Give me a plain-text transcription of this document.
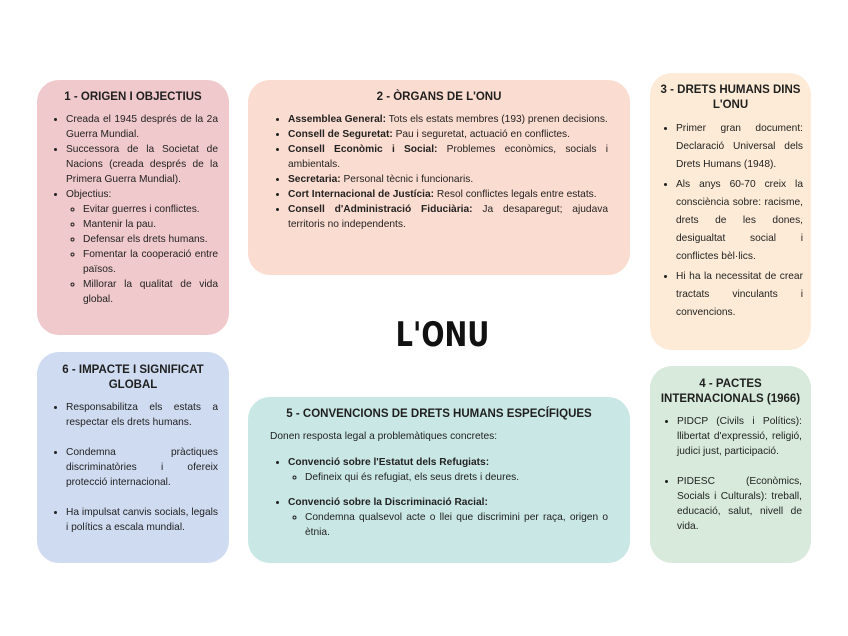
1 - ORIGEN I OBJECTIUS
• Creada el 1945 després de la 2a Guerra Mundial.
• Successora de la Societat de Nacions (creada després de la Primera Guerra Mundial).
• Objectius:
◦ Evitar guerres i conflictes.
◦ Mantenir la pau.
◦ Defensar els drets humans.
◦ Fomentar la cooperació entre països.
◦ Millorar la qualitat de vida global.
2 - ÒRGANS DE L'ONU
• Assemblea General: Tots els estats membres (193) prenen decisions.
• Consell de Seguretat: Pau i seguretat, actuació en conflictes.
• Consell Econòmic i Social: Problemes econòmics, socials i ambientals.
• Secretaria: Personal tècnic i funcionaris.
• Cort Internacional de Justícia: Resol conflictes legals entre estats.
• Consell d'Administració Fiduciària: Ja desaparegut; ajudava territoris no independents.
3 - DRETS HUMANS DINS L'ONU
• Primer gran document: Declaració Universal dels Drets Humans (1948).
• Als anys 60-70 creix la consciència sobre: racisme, drets de les dones, desigualtat social i conflictes bèl·lics.
• Hi ha la necessitat de crear tractats vinculants i convencions.
L'ONU
6 - IMPACTE I SIGNIFICAT GLOBAL
• Responsabilitza els estats a respectar els drets humans.
• Condemna pràctiques discriminatòries i ofereix protecció internacional.
• Ha impulsat canvis socials, legals i polítics a escala mundial.
5 - CONVENCIONS DE DRETS HUMANS ESPECÍFIQUES
Donen resposta legal a problemàtiques concretes:
• Convenció sobre l'Estatut dels Refugiats:
◦ Defineix qui és refugiat, els seus drets i deures.
• Convenció sobre la Discriminació Racial:
◦ Condemna qualsevol acte o llei que discrimini per raça, origen o ètnia.
4 - PACTES INTERNACIONALS (1966)
• PIDCP (Civils i Polítics): llibertat d'expressió, religió, judici just, participació.
• PIDESC (Econòmics, Socials i Culturals): treball, educació, salut, nivell de vida.
